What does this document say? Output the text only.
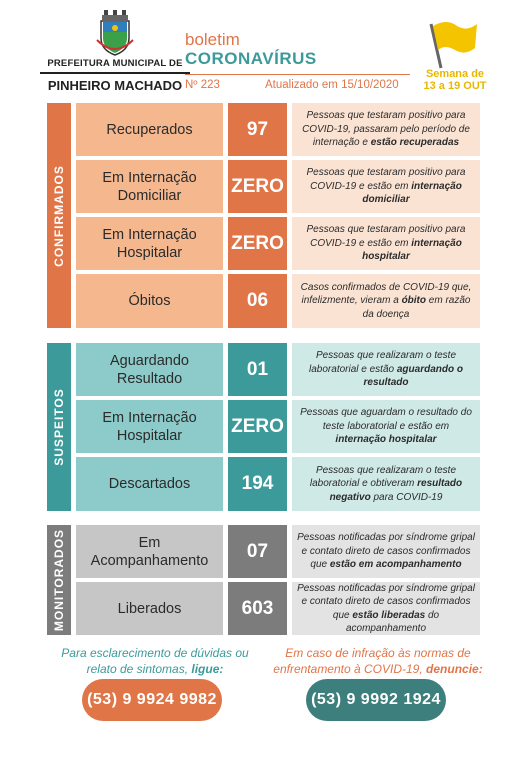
PREFEITURA MUNICIPAL DE
PINHEIRO MACHADO
boletim
CORONAVÍRUS
Nº 223	Atualizado em 15/10/2020
Semana de
13 a 19 OUT
CONFIRMADOS
Recuperados	97
Pessoas que testaram positivo para COVID-19, passaram pelo período de internação e estão recuperadas
Em Internação Domiciliar	ZERO
Pessoas que testaram positivo para COVID-19 e estão em internação domiciliar
Em Internação Hospitalar	ZERO
Pessoas que testaram positivo para COVID-19 e estão em internação hospitalar
Óbitos	06
Casos confirmados de COVID-19 que, infelizmente, vieram a óbito em razão da doença
SUSPEITOS
Aguardando Resultado	01
Pessoas que realizaram o teste laboratorial e estão aguardando o resultado
Em Internação Hospitalar	ZERO
Pessoas que aguardam o resultado do teste laboratorial e estão em internação hospitalar
Descartados	194
Pessoas que realizaram o teste laboratorial e obtiveram resultado negativo para COVID-19
MONITORADOS	Em Acompanhamento	07
Pessoas notificadas por síndrome gripal e contato direto de casos confirmados que estão em acompanhamento
Liberados	603
Pessoas notificadas por síndrome gripal e contato direto de casos confirmados que estão liberadas do acompanhamento
Para esclarecimento de dúvidas ou relato de sintomas, ligue:
Em caso de infração às normas de enfrentamento à COVID-19, denuncie:
(53) 9 9924 9982	(53) 9 9992 1924
